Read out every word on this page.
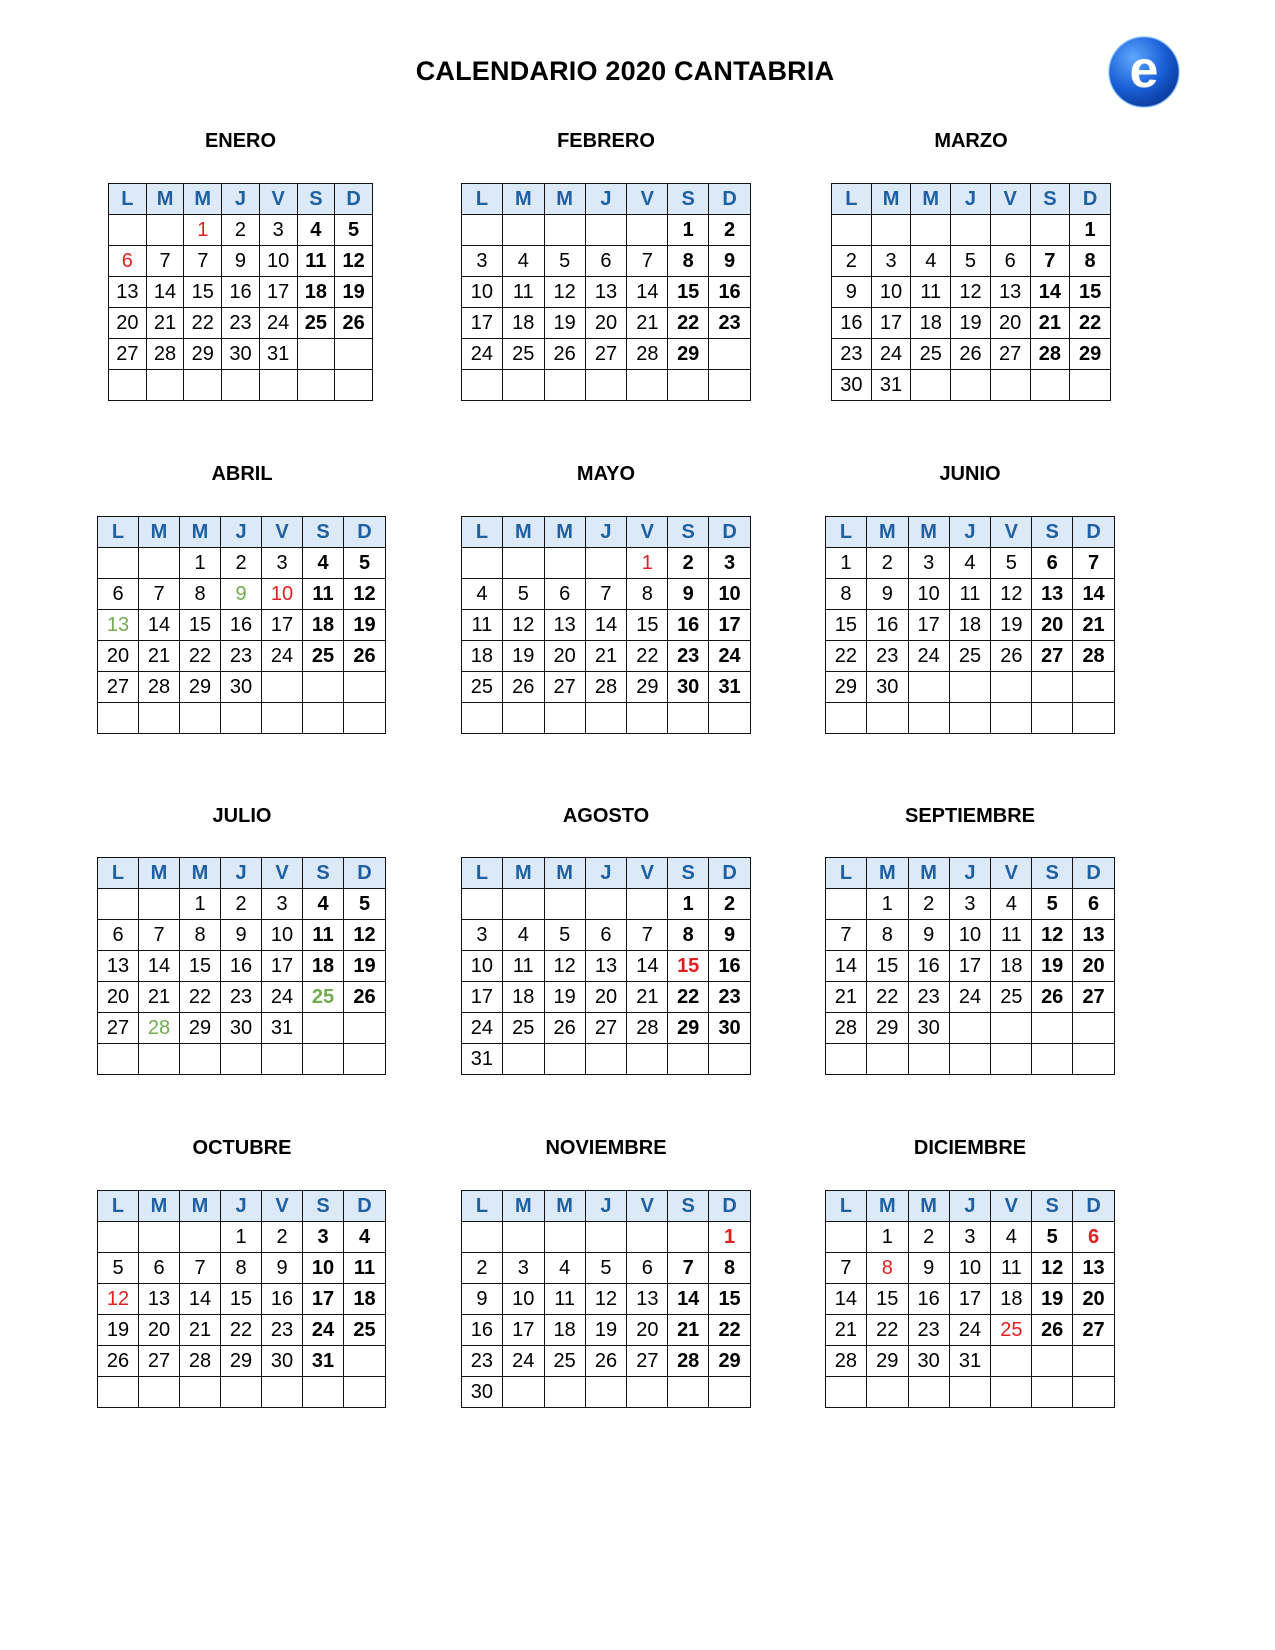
CALENDARIO 2020 CANTABRIA	e
ENERO
L	M	M	J	V	S	D
		1	2	3	4	5
6	7	7	9	10	11	12
13	14	15	16	17	18	19
20	21	22	23	24	25	26
27	28	29	30	31		

FEBRERO
L	M	M	J	V	S	D
					1	2
3	4	5	6	7	8	9
10	11	12	13	14	15	16
17	18	19	20	21	22	23
24	25	26	27	28	29	

MARZO
L	M	M	J	V	S	D
						1
2	3	4	5	6	7	8
9	10	11	12	13	14	15
16	17	18	19	20	21	22
23	24	25	26	27	28	29
30	31					
ABRIL
L	M	M	J	V	S	D
		1	2	3	4	5
6	7	8	9	10	11	12
13	14	15	16	17	18	19
20	21	22	23	24	25	26
27	28	29	30			

MAYO
L	M	M	J	V	S	D
				1	2	3
4	5	6	7	8	9	10
11	12	13	14	15	16	17
18	19	20	21	22	23	24
25	26	27	28	29	30	31

JUNIO
L	M	M	J	V	S	D
1	2	3	4	5	6	7
8	9	10	11	12	13	14
15	16	17	18	19	20	21
22	23	24	25	26	27	28
29	30					

JULIO
L	M	M	J	V	S	D
		1	2	3	4	5
6	7	8	9	10	11	12
13	14	15	16	17	18	19
20	21	22	23	24	25	26
27	28	29	30	31		

AGOSTO
L	M	M	J	V	S	D
					1	2
3	4	5	6	7	8	9
10	11	12	13	14	15	16
17	18	19	20	21	22	23
24	25	26	27	28	29	30
31						
SEPTIEMBRE
L	M	M	J	V	S	D
	1	2	3	4	5	6
7	8	9	10	11	12	13
14	15	16	17	18	19	20
21	22	23	24	25	26	27
28	29	30				

OCTUBRE
L	M	M	J	V	S	D
			1	2	3	4
5	6	7	8	9	10	11
12	13	14	15	16	17	18
19	20	21	22	23	24	25
26	27	28	29	30	31	

NOVIEMBRE
L	M	M	J	V	S	D
						1
2	3	4	5	6	7	8
9	10	11	12	13	14	15
16	17	18	19	20	21	22
23	24	25	26	27	28	29
30						
DICIEMBRE
L	M	M	J	V	S	D
	1	2	3	4	5	6
7	8	9	10	11	12	13
14	15	16	17	18	19	20
21	22	23	24	25	26	27
28	29	30	31			
